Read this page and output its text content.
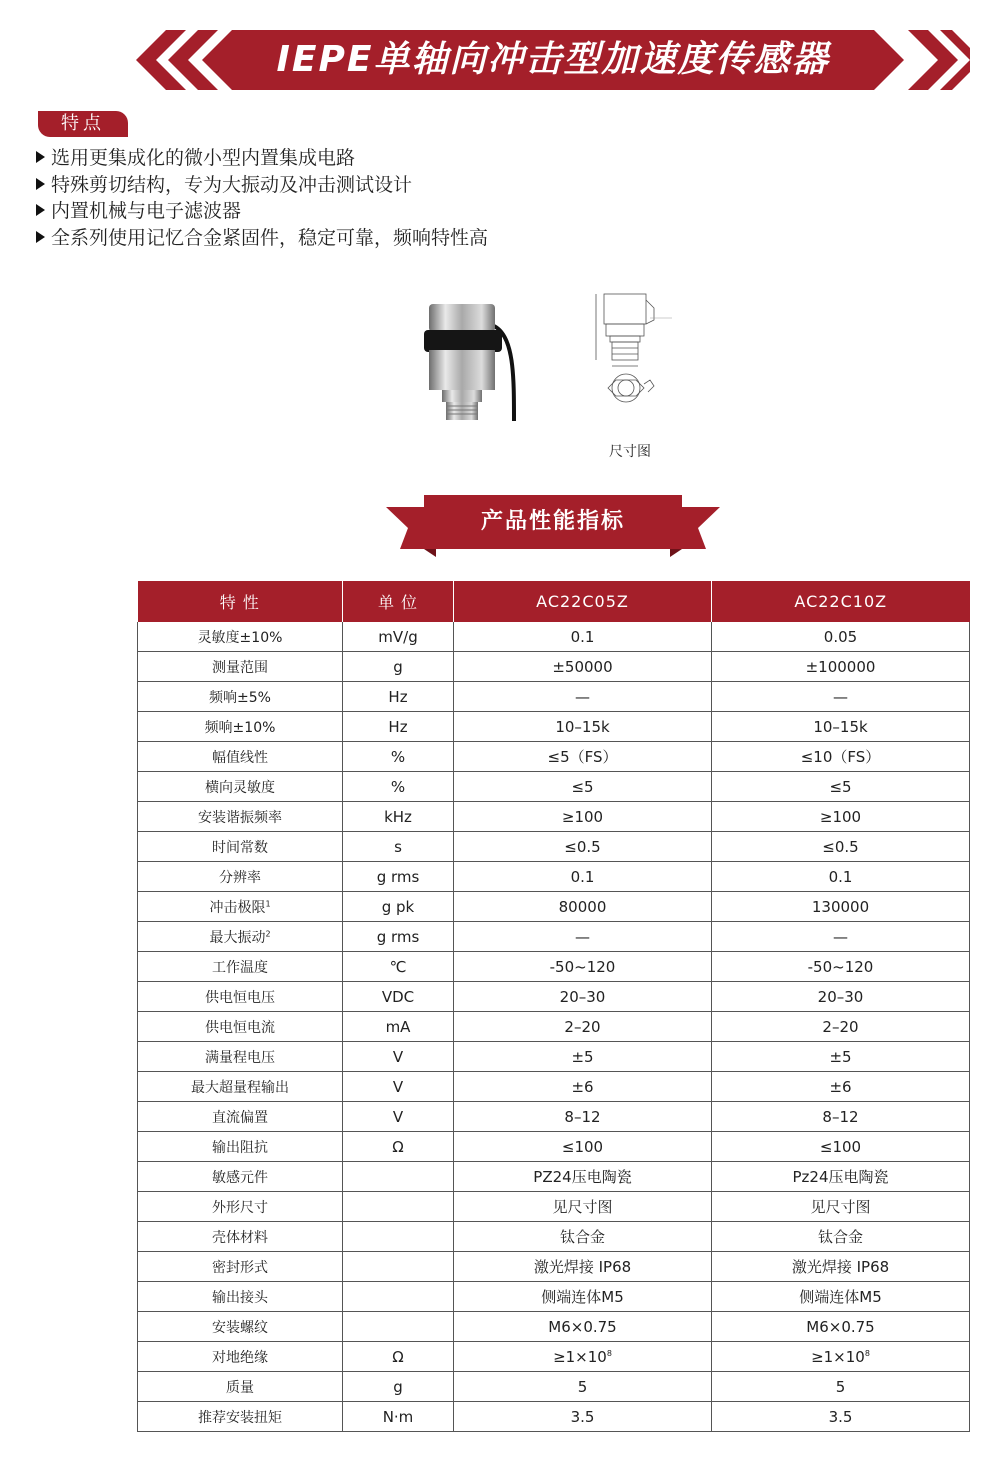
IEPE单轴向冲击型加速度传感器
特点
选用更集成化的微小型内置集成电路
特殊剪切结构，专为大振动及冲击测试设计
内置机械与电子滤波器
全系列使用记忆合金紧固件，稳定可靠，频响特性高
尺寸图
产品性能指标
特 性	单 位	AC22C05Z	AC22C10Z
灵敏度±10%	mV/g	0.1	0.05
测量范围	g	±50000	±100000
频响±5%	Hz	—	—
频响±10%	Hz	10–15k	10–15k
幅值线性	%	≤5（FS）	≤10（FS）
横向灵敏度	%	≤5	≤5
安装谐振频率	kHz	≥100	≥100
时间常数	s	≤0.5	≤0.5
分辨率	g rms	0.1	0.1
冲击极限$^1$	g pk	80000	130000
最大振动$^2$	g rms	—	—
工作温度	℃	-50~120	-50~120
供电恒电压	VDC	20–30	20–30
供电恒电流	mA	2–20	2–20
满量程电压	V	±5	±5
最大超量程输出	V	±6	±6
直流偏置	V	8–12	8–12
输出阻抗	Ω	≤100	≤100
敏感元件		PZ24压电陶瓷	Pz24压电陶瓷
外形尺寸		见尺寸图	见尺寸图
壳体材料		钛合金	钛合金
密封形式		激光焊接 IP68	激光焊接 IP68
输出接头		侧端连体M5	侧端连体M5
安装螺纹		M6×0.75	M6×0.75
对地绝缘	Ω	$\ge 1\times 10^8$	$\ge 1\times 10^8$
质量	g	5	5
推荐安装扭矩	N·m	3.5	3.5
